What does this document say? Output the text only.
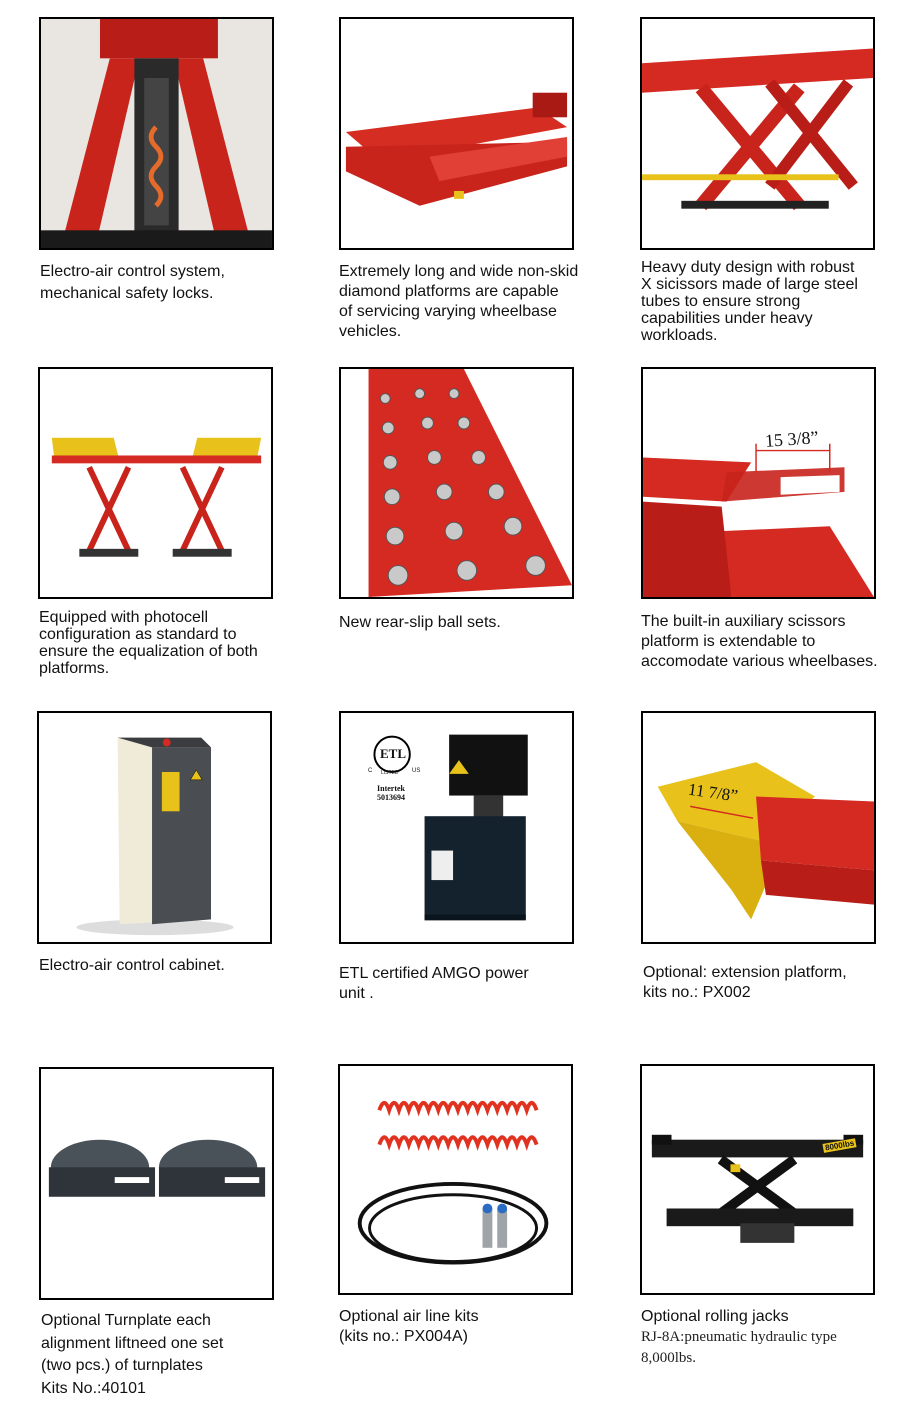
Electro-air control system,
mechanical safety locks.
Extremely long and wide non-skid
diamond platforms are capable
of servicing varying wheelbase
vehicles.
Heavy duty design with robust
X sicissors made of large steel
tubes to ensure strong
capabilities under heavy
workloads.
Equipped with photocell
configuration as standard to
ensure the equalization of both
platforms.
New rear-slip ball sets.
15 3/8”
The built-in auxiliary scissors
platform is extendable to
accomodate various wheelbases.
Electro-air control cabinet.
ETL
C LISTED US
Intertek
5013694
ETL certified AMGO power
unit .
11 7/8”
Optional: extension platform,
kits no.: PX002
Optional Turnplate each
alignment liftneed one set
(two pcs.) of turnplates
Kits No.:40101
Optional air line kits
(kits no.: PX004A)
8000lbs
Optional rolling jacks
RJ-8A:pneumatic hydraulic type
8,000lbs.
